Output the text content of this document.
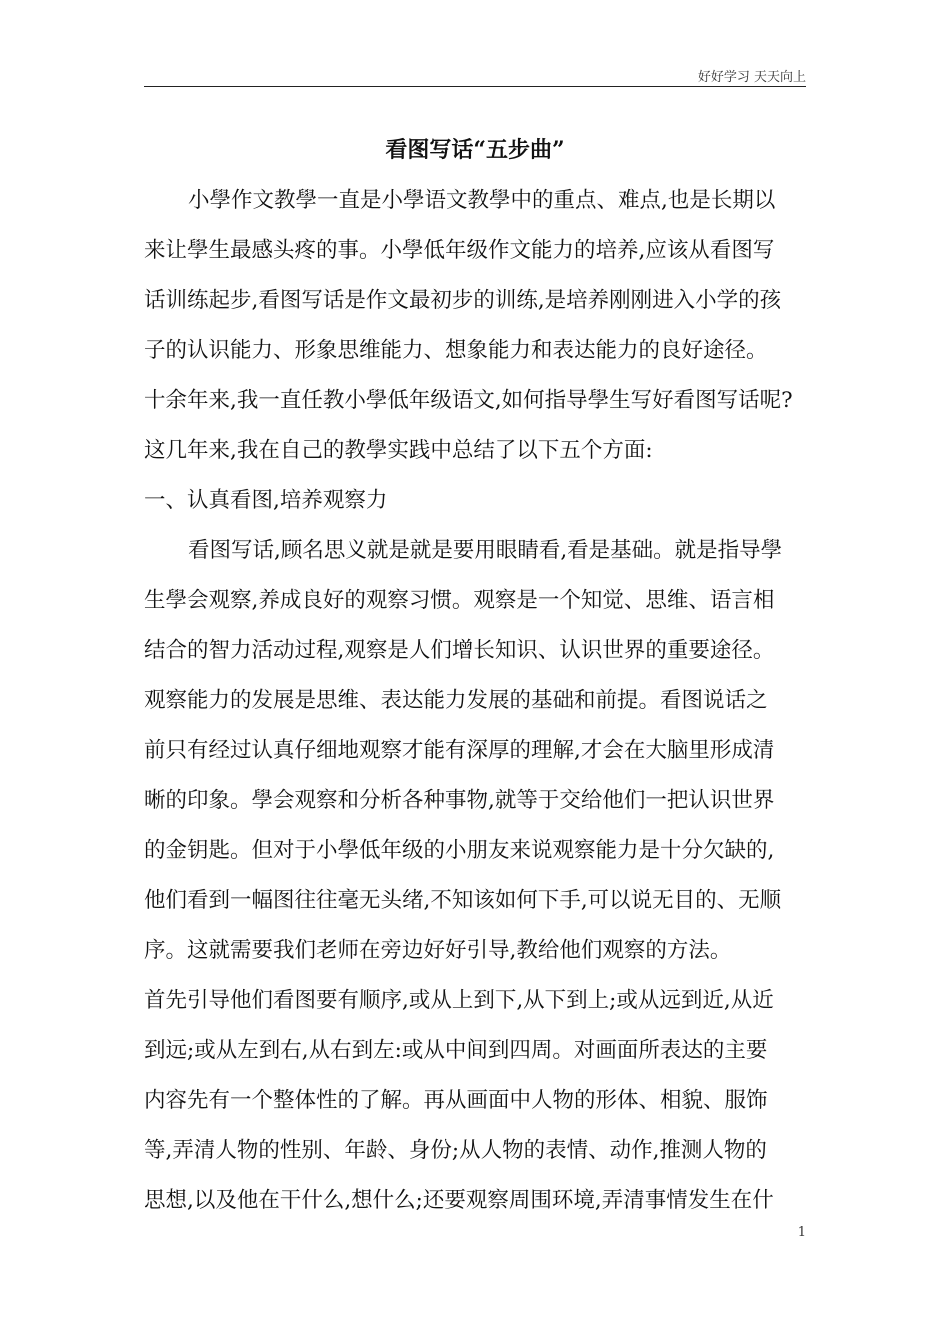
好好学习 天天向上
看图写话“五步曲”
小學作文教學一直是小學语文教學中的重点、难点,也是长期以
来让學生最感头疼的事。小學低年级作文能力的培养,应该从看图写
话训练起步,看图写话是作文最初步的训练,是培养刚刚进入小学的孩
子的认识能力、形象思维能力、想象能力和表达能力的良好途径。
十余年来,我一直任教小學低年级语文,如何指导學生写好看图写话呢?
这几年来,我在自己的教學实践中总结了以下五个方面:
一、认真看图,培养观察力
看图写话,顾名思义就是就是要用眼睛看,看是基础。就是指导學
生學会观察,养成良好的观察习惯。观察是一个知觉、思维、语言相
结合的智力活动过程,观察是人们增长知识、认识世界的重要途径。
观察能力的发展是思维、表达能力发展的基础和前提。看图说话之
前只有经过认真仔细地观察才能有深厚的理解,才会在大脑里形成清
晰的印象。學会观察和分析各种事物,就等于交给他们一把认识世界
的金钥匙。但对于小學低年级的小朋友来说观察能力是十分欠缺的,
他们看到一幅图往往毫无头绪,不知该如何下手,可以说无目的、无顺
序。这就需要我们老师在旁边好好引导,教给他们观察的方法。
首先引导他们看图要有顺序,或从上到下,从下到上;或从远到近,从近
到远;或从左到右,从右到左:或从中间到四周。对画面所表达的主要
内容先有一个整体性的了解。再从画面中人物的形体、相貌、服饰
等,弄清人物的性别、年龄、身份;从人物的表情、动作,推测人物的
思想,以及他在干什么,想什么;还要观察周围环境,弄清事情发生在什
1
